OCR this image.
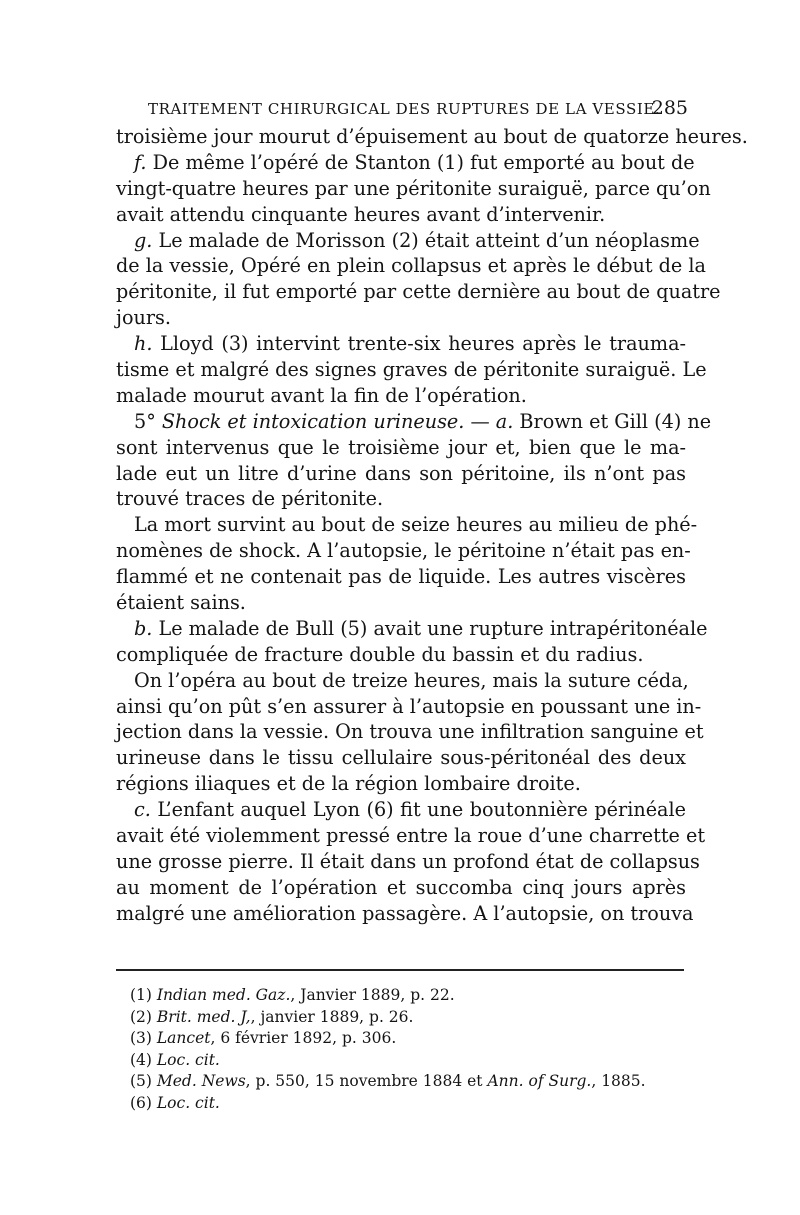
TRAITEMENT CHIRURGICAL DES RUPTURES DE LA VESSIE.
285
troisième jour mourut d’épuisement au bout de quatorze heures.
f. De même l’opéré de Stanton (1) fut emporté au bout de
vingt-quatre heures par une péritonite suraiguë, parce qu’on
avait attendu cinquante heures avant d’intervenir.
g. Le malade de Morisson (2) était atteint d’un néoplasme
de la vessie, Opéré en plein collapsus et après le début de la
péritonite, il fut emporté par cette dernière au bout de quatre
jours.
h. Lloyd (3) intervint trente-six heures après le trauma-
tisme et malgré des signes graves de péritonite suraiguë. Le
malade mourut avant la fin de l’opération.
5° Shock et intoxication urineuse. — a. Brown et Gill (4) ne
sont intervenus que le troisième jour et, bien que le ma-
lade eut un litre d’urine dans son péritoine, ils n’ont pas
trouvé traces de péritonite.
La mort survint au bout de seize heures au milieu de phé-
nomènes de shock. A l’autopsie, le péritoine n’était pas en-
flammé et ne contenait pas de liquide. Les autres viscères
étaient sains.
b. Le malade de Bull (5) avait une rupture intrapéritonéale
compliquée de fracture double du bassin et du radius.
On l’opéra au bout de treize heures, mais la suture céda,
ainsi qu’on pût s’en assurer à l’autopsie en poussant une in-
jection dans la vessie. On trouva une infiltration sanguine et
urineuse dans le tissu cellulaire sous-péritonéal des deux
régions iliaques et de la région lombaire droite.
c. L’enfant auquel Lyon (6) fit une boutonnière périnéale
avait été violemment pressé entre la roue d’une charrette et
une grosse pierre. Il était dans un profond état de collapsus
au moment de l’opération et succomba cinq jours après
malgré une amélioration passagère. A l’autopsie, on trouva
(1) Indian med. Gaz., Janvier 1889, p. 22.
(2) Brit. med. J,, janvier 1889, p. 26.
(3) Lancet, 6 février 1892, p. 306.
(4) Loc. cit.
(5) Med. News, p. 550, 15 novembre 1884 et Ann. of Surg., 1885.
(6) Loc. cit.
